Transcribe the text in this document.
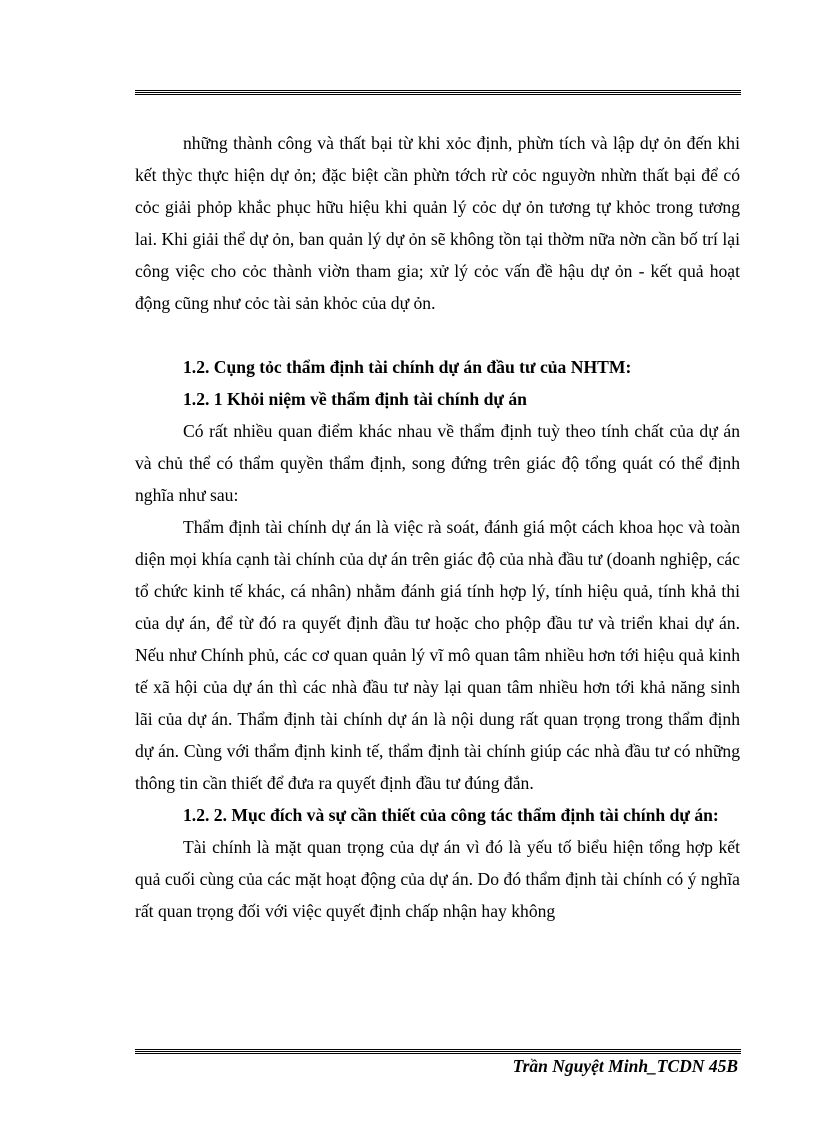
những thành công và thất bại từ khi xỏc định, phừn tích và lập dự ỏn đến khi kết thỳc thực hiện dự ỏn; đặc biệt cần phừn tớch rừ cỏc nguyờn nhừn thất bại để có cỏc giải phỏp khắc phục hữu hiệu khi quản lý cỏc dự ỏn tương tự khỏc trong tương lai. Khi giải thể dự ỏn, ban quản lý dự ỏn sẽ không tồn tại thờm nữa nờn cần bố trí lại công việc cho cỏc thành viờn tham gia; xử lý cỏc vấn đề hậu dự ỏn - kết quả hoạt động cũng như cỏc tài sản khỏc của dự ỏn.

1.2. Cụng tỏc thẩm định tài chính dự án đầu tư của NHTM:

1.2. 1 Khỏi niệm về thẩm định tài chính dự án

Có rất nhiều quan điểm khác nhau về thẩm định tuỳ theo tính chất của dự án và chủ thể có thẩm quyền thẩm định, song đứng trên giác độ tổng quát có thể định nghĩa như sau:

Thẩm định tài chính dự án là việc rà soát, đánh giá một cách khoa học và toàn diện mọi khía cạnh tài chính của dự án trên giác độ của nhà đầu tư (doanh nghiệp, các tổ chức kinh tế khác, cá nhân) nhằm đánh giá tính hợp lý, tính hiệu quả, tính khả thi của dự án, để từ đó ra quyết định đầu tư hoặc cho phộp đầu tư và triển khai dự án. Nếu như Chính phủ, các cơ quan quản lý vĩ mô quan tâm nhiều hơn tới hiệu quả kinh tế xã hội của dự án thì các nhà đầu tư này lại quan tâm nhiều hơn tới khả năng sinh lãi của dự án. Thẩm định tài chính dự án là nội dung rất quan trọng trong thẩm định dự án. Cùng với thẩm định kinh tế, thẩm định tài chính giúp các nhà đầu tư có những thông tin cần thiết để đưa ra quyết định đầu tư đúng đắn.

1.2. 2. Mục đích và sự cần thiết của công tác thẩm định tài chính dự án:

Tài chính là mặt quan trọng của dự án vì đó là yếu tố biểu hiện tổng hợp kết quả cuối cùng của các mặt hoạt động của dự án. Do đó thẩm định tài chính có ý nghĩa rất quan trọng đối với việc quyết định chấp nhận hay không

Trần Nguyệt Minh_TCDN 45B
